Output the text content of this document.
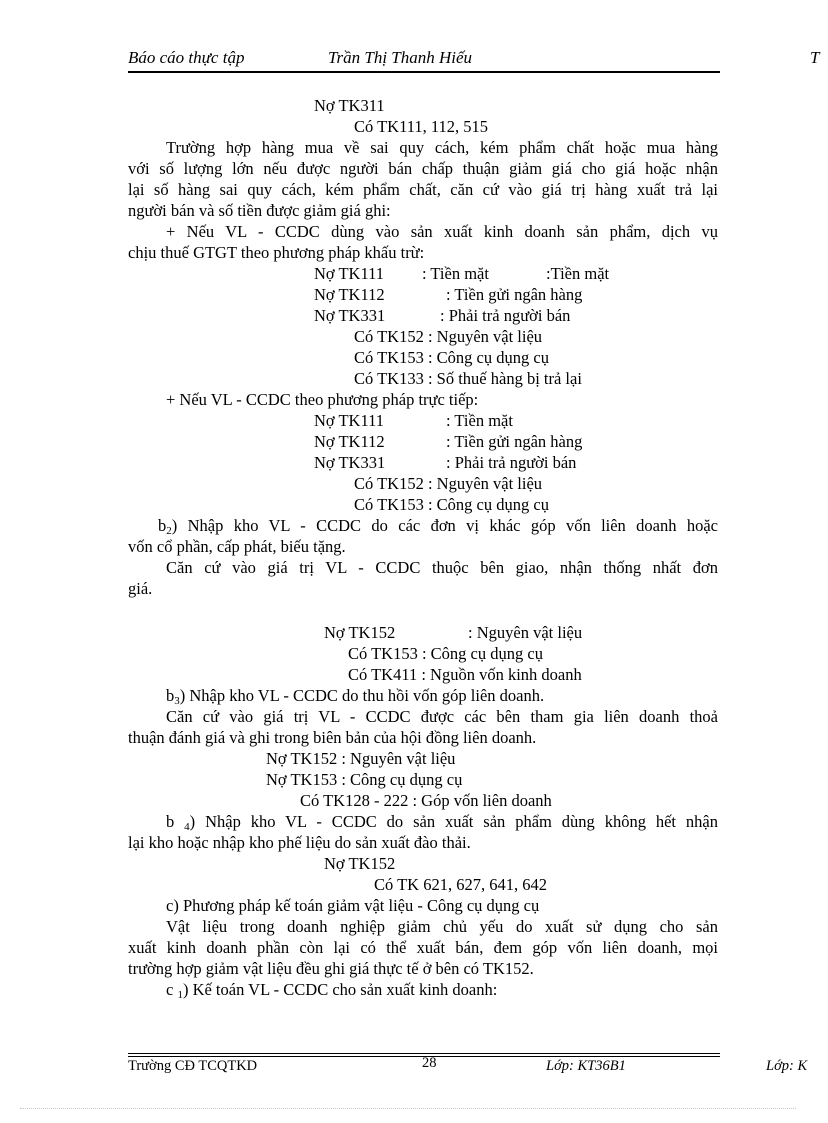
Báo cáo thực tập	Trần Thị Thanh Hiếu	T
Nợ TK311
Có TK111, 112, 515
Trường hợp hàng mua về sai quy cách, kém phẩm chất hoặc mua hàng
với số lượng lớn nếu được người bán chấp thuận giảm giá cho giá hoặc nhận
lại số hàng sai quy cách, kém phẩm chất, căn cứ vào giá trị hàng xuất trả lại
người bán và số tiền được giảm giá ghi:
+ Nếu VL - CCDC dùng vào sản xuất kinh doanh sản phẩm, dịch vụ
chịu thuế GTGT theo phương pháp khấu trừ:
Nợ TK111 : Tiền mặt	:Tiền mặt
Nợ TK112	: Tiền gửi ngân hàng
Nợ TK331	: Phải trả người bán
Có TK152 : Nguyên vật liệu
Có TK153 : Công cụ dụng cụ
Có TK133 : Số thuế hàng bị trả lại
+ Nếu VL - CCDC theo phương pháp trực tiếp:
Nợ TK111	: Tiền mặt
Nợ TK112	: Tiền gửi ngân hàng
Nợ TK331	: Phải trả người bán
Có TK152 : Nguyên vật liệu
Có TK153 : Công cụ dụng cụ
$b_2$) Nhập kho VL - CCDC do các đơn vị khác góp vốn liên doanh hoặc
vốn cổ phần, cấp phát, biếu tặng.
Căn cứ vào giá trị VL - CCDC thuộc bên giao, nhận thống nhất đơn
giá.
Nợ TK152	: Nguyên vật liệu
Có TK153 : Công cụ dụng cụ
Có TK411 : Nguồn vốn kinh doanh
$b_3$) Nhập kho VL - CCDC do thu hồi vốn góp liên doanh.
Căn cứ vào giá trị VL - CCDC được các bên tham gia liên doanh thoả
thuận đánh giá và ghi trong biên bản của hội đồng liên doanh.
Nợ TK152 : Nguyên vật liệu
Nợ TK153 : Công cụ dụng cụ
Có TK128 - 222 : Góp vốn liên doanh
b $_4$) Nhập kho VL - CCDC do sản xuất sản phẩm dùng không hết nhận
lại kho hoặc nhập kho phế liệu do sản xuất đào thải.
Nợ TK152
Có TK 621, 627, 641, 642
c) Phương pháp kế toán giảm vật liệu - Công cụ dụng cụ
Vật liệu trong doanh nghiệp giảm chủ yếu do xuất sử dụng cho sản
xuất kinh doanh phần còn lại có thể xuất bán, đem góp vốn liên doanh, mọi
trường hợp giảm vật liệu đều ghi giá thực tế ở bên có TK152.
c $_1$) Kế toán VL - CCDC cho sản xuất kinh doanh:
Trường CĐ TCQTKD	28	Lớp: KT36B1	Lớp: K
